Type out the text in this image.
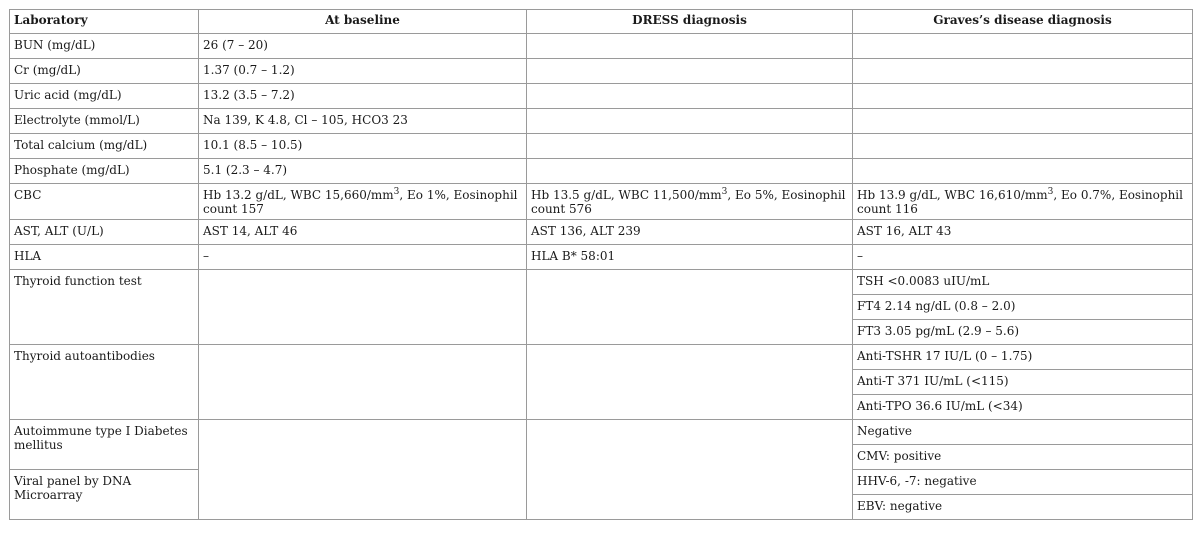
Laboratory	At baseline	DRESS diagnosis	Graves’s disease diagnosis
BUN (mg/dL)	26 (7 – 20)		
Cr (mg/dL)	1.37 (0.7 – 1.2)		
Uric acid (mg/dL)	13.2 (3.5 – 7.2)		
Electrolyte (mmol/L)	Na 139, K 4.8, Cl – 105, HCO3 23		
Total calcium (mg/dL)	10.1 (8.5 – 10.5)		
Phosphate (mg/dL)	5.1 (2.3 – 4.7)		
CBC	Hb 13.2 g/dL, WBC $15,660/mm^3$, Eo 1%, Eosinophil count 157	Hb 13.5 g/dL, WBC $11,500/mm^3$, Eo 5%, Eosinophil count 576	Hb 13.9 g/dL, WBC $16,610/mm^3$, Eo 0.7%, Eosinophil count 116
AST, ALT (U/L)	AST 14, ALT 46	AST 136, ALT 239	AST 16, ALT 43
HLA	–	HLA B* 58:01	–
Thyroid function test			TSH <0.0083 uIU/mL
			FT4 2.14 ng/dL (0.8 – 2.0)
			FT3 3.05 pg/mL (2.9 – 5.6)
Thyroid autoantibodies			Anti-TSHR 17 IU/L (0 – 1.75)
			Anti-T 371 IU/mL (<115)
			Anti-TPO 36.6 IU/mL (<34)
Autoimmune type I Diabetes mellitus			Negative
			CMV: positive
Viral panel by DNA Microarray			HHV-6, -7: negative
			EBV: negative
